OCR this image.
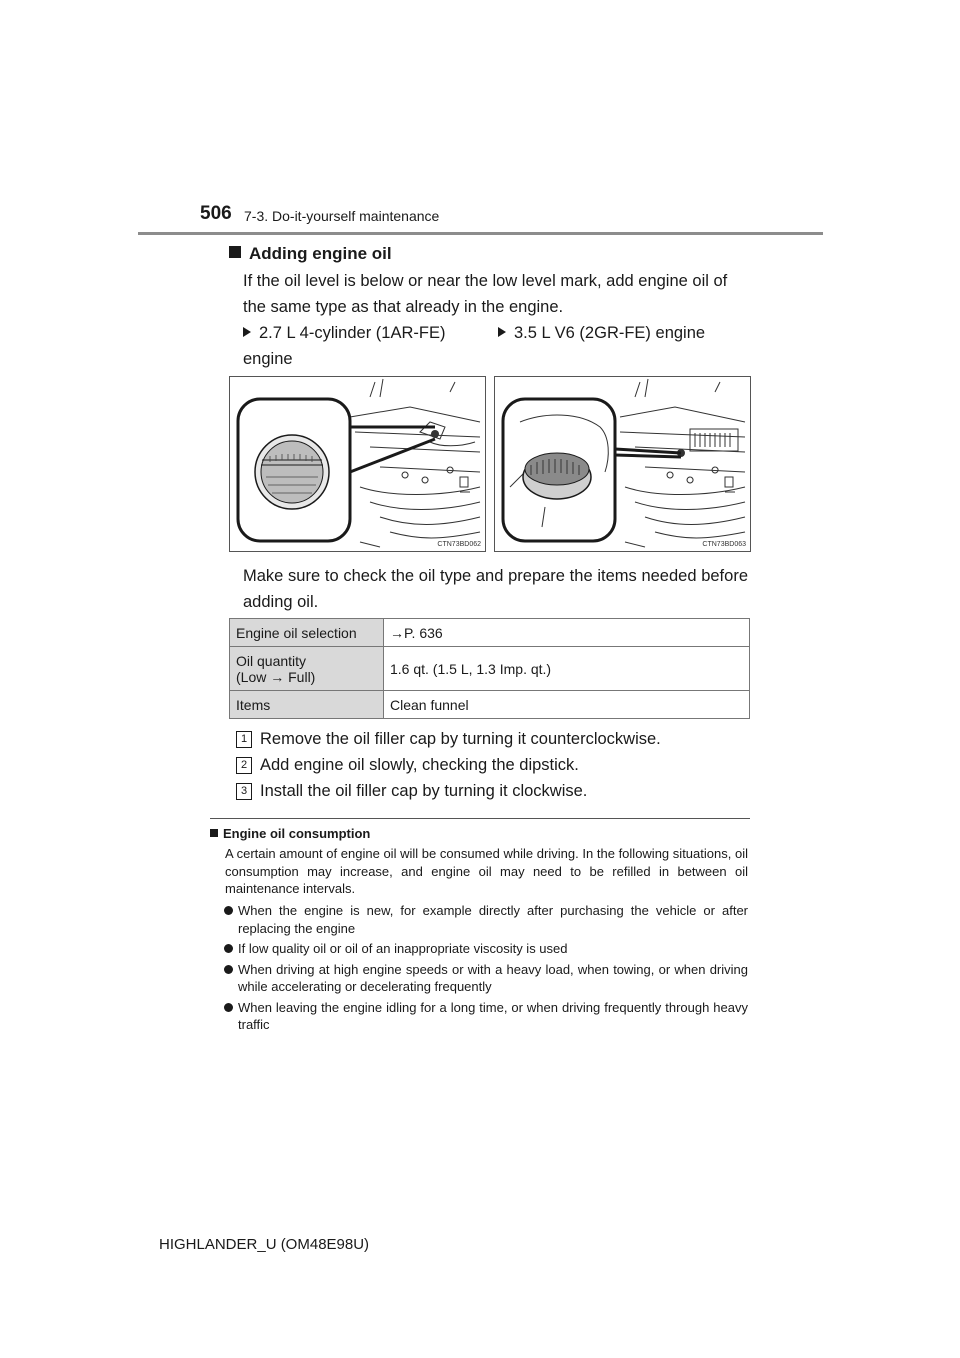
506 7-3. Do-it-yourself maintenance
Adding engine oil
If the oil level is below or near the low level mark, add engine oil of the same type as that already in the engine.
2.7 L 4-cylinder (1AR-FE) engine
3.5 L V6 (2GR-FE) engine
CTN73BD062	CTN73BD063
Make sure to check the oil type and prepare the items needed before adding oil.
Engine oil selection	→P. 636

Oil quantity
(Low → Full)	1.6 qt. (1.5 L, 1.3 Imp. qt.)
Items	Clean funnel
1 Remove the oil filler cap by turning it counterclockwise.
2 Add engine oil slowly, checking the dipstick.
3 Install the oil filler cap by turning it clockwise.
Engine oil consumption
A certain amount of engine oil will be consumed while driving. In the following situations, oil consumption may increase, and engine oil may need to be refilled in between oil maintenance intervals.
When the engine is new, for example directly after purchasing the vehicle or after replacing the engine
If low quality oil or oil of an inappropriate viscosity is used
When driving at high engine speeds or with a heavy load, when towing, or when driving while accelerating or decelerating frequently
When leaving the engine idling for a long time, or when driving frequently through heavy traffic
HIGHLANDER_U (OM48E98U)
